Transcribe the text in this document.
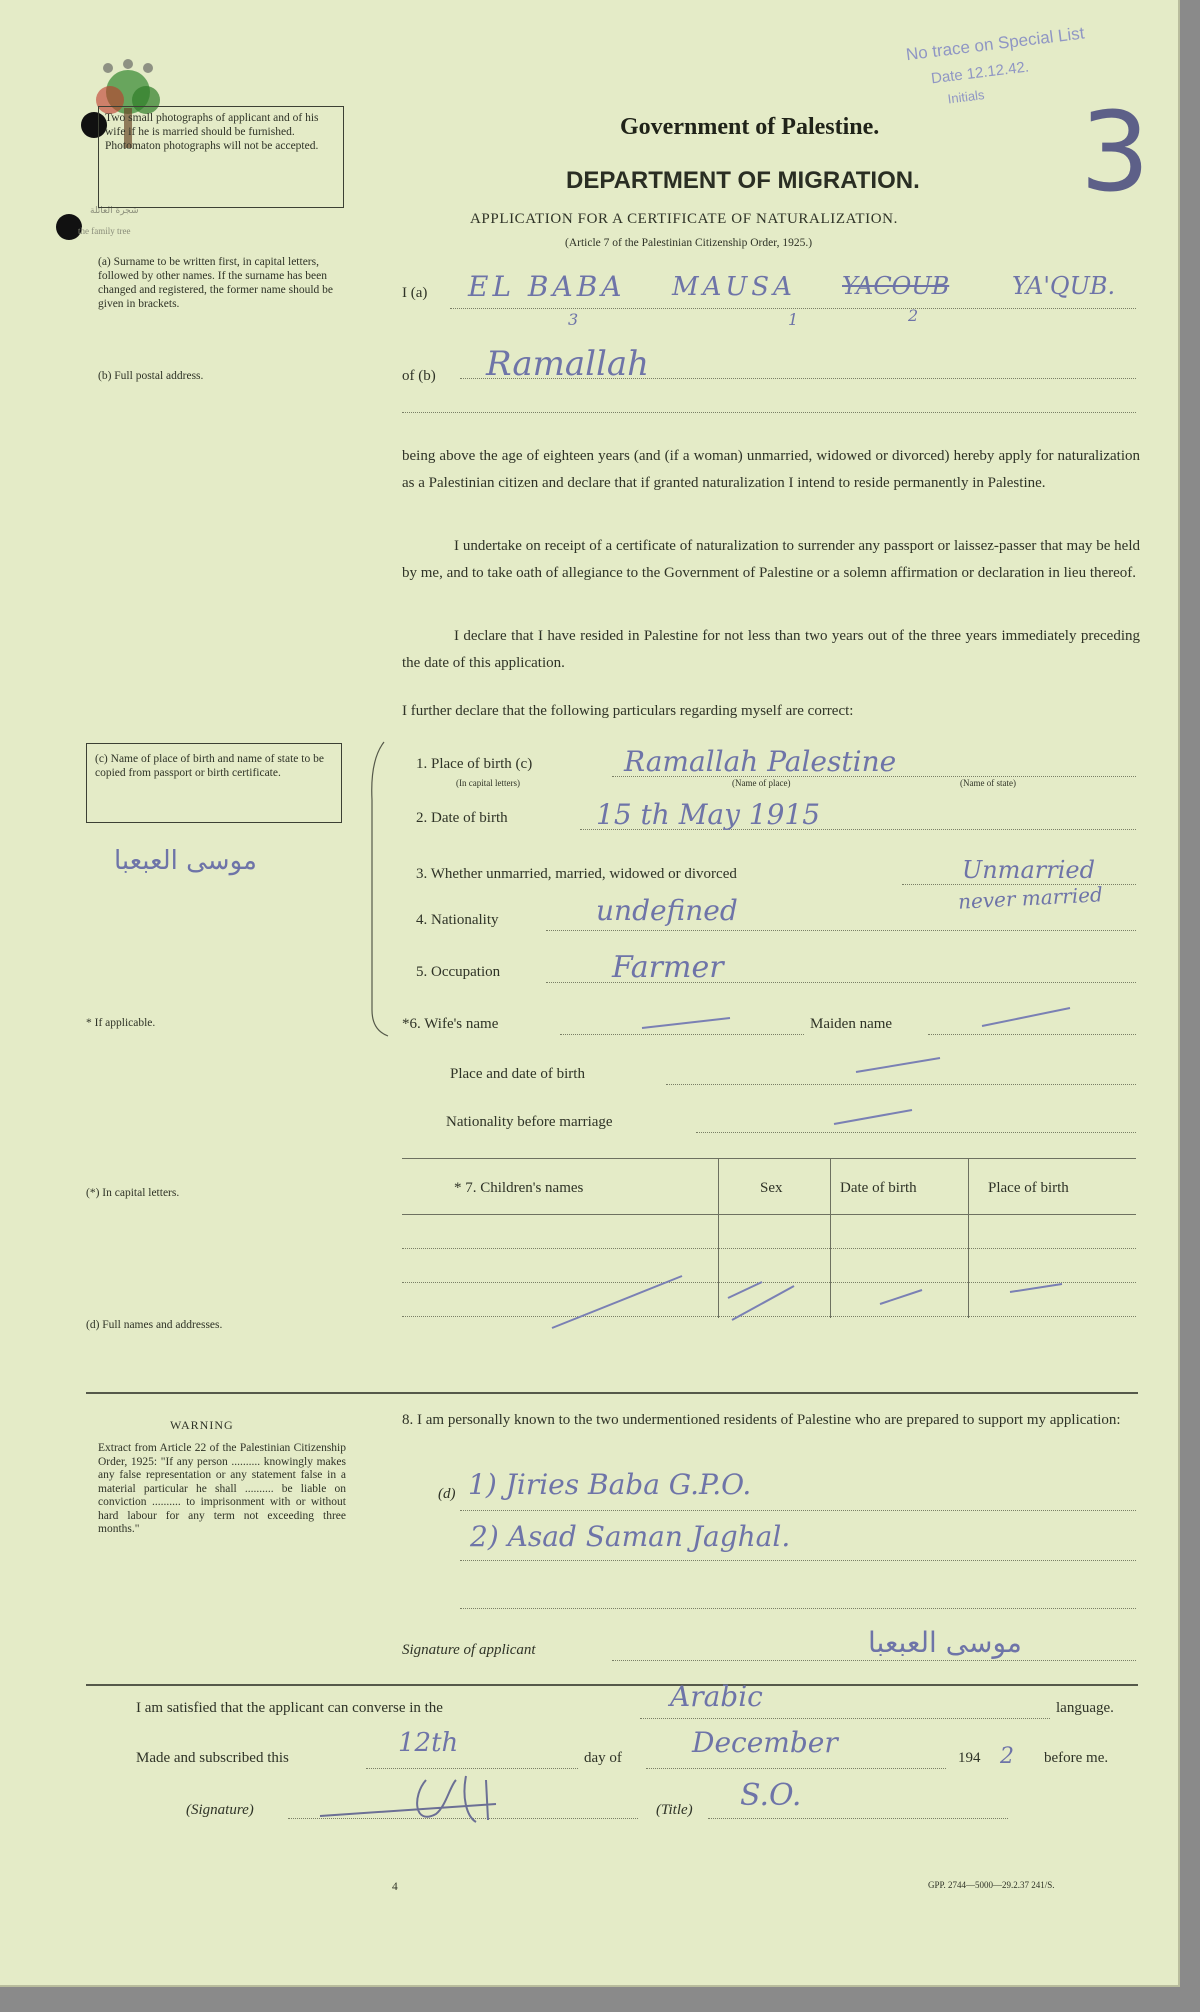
شجرة العائلة
the family tree
Two small photographs of applicant and of his wife if he is married should be furnished. Photomaton photographs will not be accepted.
No trace on Special List
Date 12.12.42.
Initials 3
Government of Palestine.
DEPARTMENT OF MIGRATION.
APPLICATION FOR A CERTIFICATE OF NATURALIZATION.
(Article 7 of the Palestinian Citizenship Order, 1925.)
(a) Surname to be written first, in capital letters, followed by other names. If the surname has been changed and registered, the former name should be given in brackets.
(b) Full postal address.
I (a) EL BABA MAUSA YACOUB	YA'QUB.
3	1	2
of (b) Ramallah
being above the age of eighteen years (and (if a woman) unmarried, widowed or divorced) hereby apply for naturalization as a Palestinian citizen and declare that if granted naturalization I intend to reside permanently in Palestine.
I undertake on receipt of a certificate of naturalization to surrender any passport or laissez-passer that may be held by me, and to take oath of allegiance to the Government of Palestine or a solemn affirmation or declaration in lieu thereof.
I declare that I have resided in Palestine for not less than two years out of the three years immediately preceding the date of this application.
I further declare that the following particulars regarding myself are correct:
(c) Name of place of birth and name of state to be copied from passport or birth certificate.
موسى العبعبا
1. Place of birth (c)	Ramallah Palestine
(In capital letters)	(Name of place)	(Name of state)
2. Date of birth	15 th May 1915
3. Whether unmarried, married, widowed or divorced	Unmarried
never married
4. Nationality	undefined
5. Occupation	Farmer
* If applicable.	*6. Wife's name	Maiden name
Place and date of birth
Nationality before marriage
* 7. Children's names	Sex	Date of birth	Place of birth
(*) In capital letters.
(d) Full names and addresses.
8. I am personally known to the two undermentioned residents of Palestine who are prepared to support my application:
(d) 1) Jiries Baba G.P.O.
2) Asad Saman Jaghal.
WARNING
Extract from Article 22 of the Palestinian Citizenship Order, 1925: "If any person .......... knowingly makes any false representation or any statement false in a material particular he shall .......... be liable on conviction .......... to imprisonment with or without hard labour for any term not exceeding three months."
Signature of applicant	موسى العبعبا
I am satisfied that the applicant can converse in the	Arabic	language.
Made and subscribed this	12th	day of	December	194 2 before me.
(Signature)	(Title) S.O.
4	GPP. 2744—5000—29.2.37 241/S.
